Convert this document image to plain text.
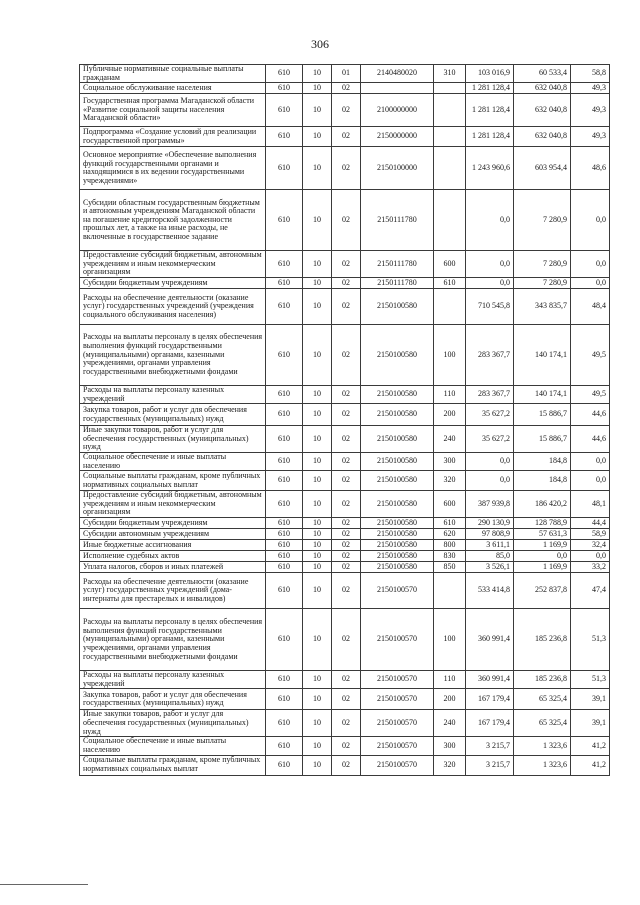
306
Публичные нормативные социальные выплаты гражданам	610	10	01	2140480020	310	103 016,9	60 533,4	58,8
Социальное обслуживание населения	610	10	02			1 281 128,4	632 040,8	49,3
Государственная программа Магаданской области «Развитие социальной защиты населения Магаданской области»	610	10	02	2100000000		1 281 128,4	632 040,8	49,3
Подпрограмма «Создание условий для реализации государственной программы»	610	10	02	2150000000		1 281 128,4	632 040,8	49,3
Основное мероприятие «Обеспечение выполнения функций государственными органами и находящимися в их ведении государственными учреждениями»	610	10	02	2150100000		1 243 960,6	603 954,4	48,6
Субсидии областным государственным бюджетным и автономным учреждениям Магаданской области на погашение кредиторской задолженности прошлых лет, а также на иные расходы, не включенные в государственное задание	610	10	02	2150111780		0,0	7 280,9	0,0
Предоставление субсидий бюджетным, автономным учреждениям и иным некоммерческим организациям	610	10	02	2150111780	600	0,0	7 280,9	0,0
Субсидии бюджетным учреждениям	610	10	02	2150111780	610	0,0	7 280,9	0,0
Расходы на обеспечение деятельности (оказание услуг) государственных учреждений (учреждения социального обслуживания населения)	610	10	02	2150100580		710 545,8	343 835,7	48,4
Расходы на выплаты персоналу в целях обеспечения выполнения функций государственными (муниципальными) органами, казенными учреждениями, органами управления государственными внебюджетными фондами	610	10	02	2150100580	100	283 367,7	140 174,1	49,5
Расходы на выплаты персоналу казенных учреждений	610	10	02	2150100580	110	283 367,7	140 174,1	49,5
Закупка товаров, работ и услуг для обеспечения государственных (муниципальных) нужд	610	10	02	2150100580	200	35 627,2	15 886,7	44,6
Иные закупки товаров, работ и услуг для обеспечения государственных (муниципальных) нужд	610	10	02	2150100580	240	35 627,2	15 886,7	44,6
Социальное обеспечение и иные выплаты населению	610	10	02	2150100580	300	0,0	184,8	0,0
Социальные выплаты гражданам, кроме публичных нормативных социальных выплат	610	10	02	2150100580	320	0,0	184,8	0,0
Предоставление субсидий бюджетным, автономным учреждениям и иным некоммерческим организациям	610	10	02	2150100580	600	387 939,8	186 420,2	48,1
Субсидии бюджетным учреждениям	610	10	02	2150100580	610	290 130,9	128 788,9	44,4
Субсидии автономным учреждениям	610	10	02	2150100580	620	97 808,9	57 631,3	58,9
Иные бюджетные ассигнования	610	10	02	2150100580	800	3 611,1	1 169,9	32,4
Исполнение судебных актов	610	10	02	2150100580	830	85,0	0,0	0,0
Уплата налогов, сборов и иных платежей	610	10	02	2150100580	850	3 526,1	1 169,9	33,2
Расходы на обеспечение деятельности (оказание услуг) государственных учреждений (дома-интернаты для престарелых и инвалидов)	610	10	02	2150100570		533 414,8	252 837,8	47,4
Расходы на выплаты персоналу в целях обеспечения выполнения функций государственными (муниципальными) органами, казенными учреждениями, органами управления государственными внебюджетными фондами	610	10	02	2150100570	100	360 991,4	185 236,8	51,3
Расходы на выплаты персоналу казенных учреждений	610	10	02	2150100570	110	360 991,4	185 236,8	51,3
Закупка товаров, работ и услуг для обеспечения государственных (муниципальных) нужд	610	10	02	2150100570	200	167 179,4	65 325,4	39,1
Иные закупки товаров, работ и услуг для обеспечения государственных (муниципальных) нужд	610	10	02	2150100570	240	167 179,4	65 325,4	39,1
Социальное обеспечение и иные выплаты населению	610	10	02	2150100570	300	3 215,7	1 323,6	41,2
Социальные выплаты гражданам, кроме публичных нормативных социальных выплат	610	10	02	2150100570	320	3 215,7	1 323,6	41,2
